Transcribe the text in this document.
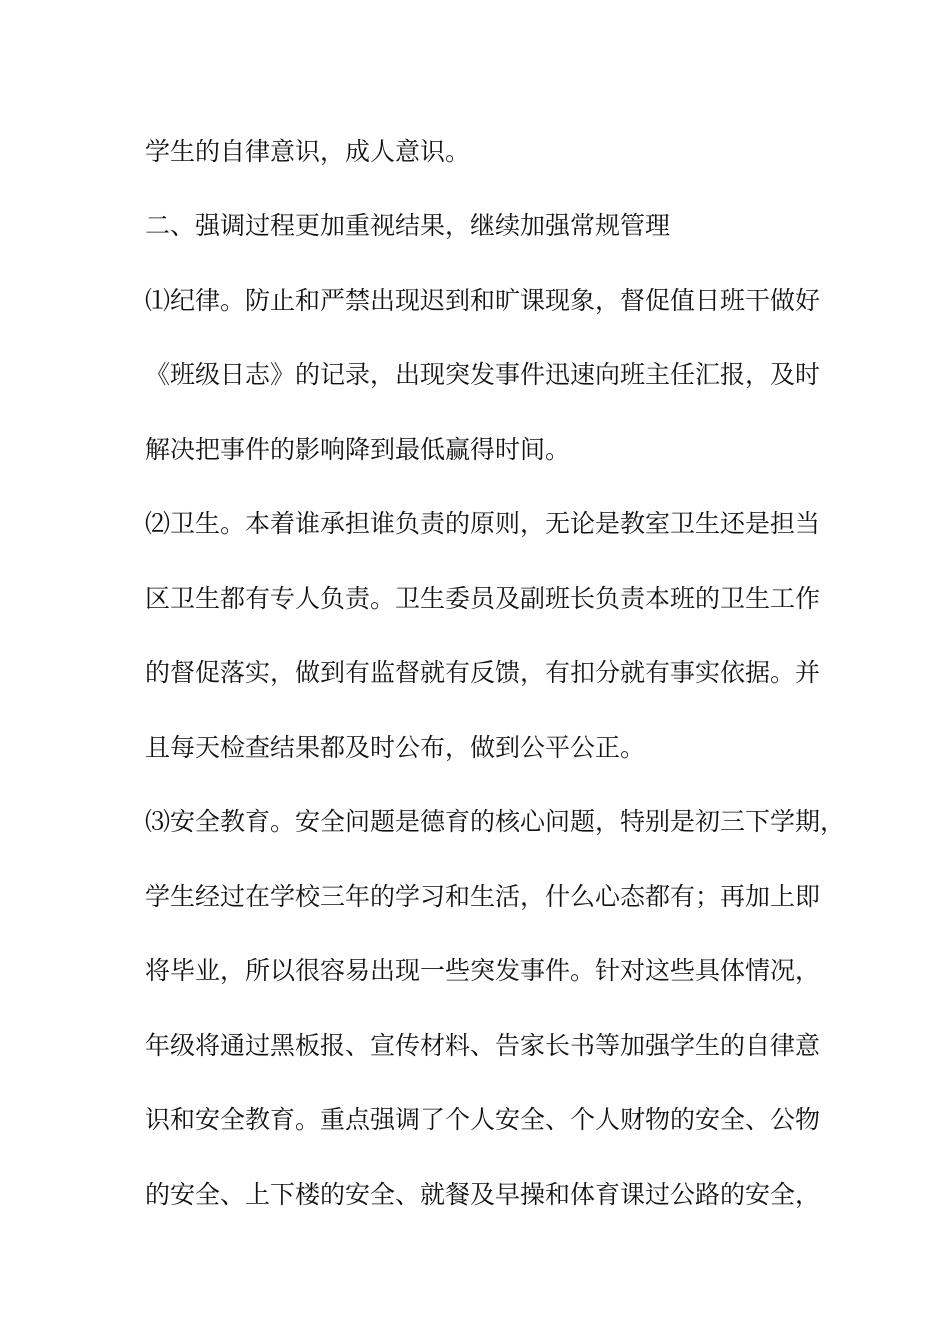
学生的自律意识，成人意识。
二、强调过程更加重视结果，继续加强常规管理
⑴纪律。防止和严禁出现迟到和旷课现象，督促值日班干做好
《班级日志》的记录，出现突发事件迅速向班主任汇报，及时
解决把事件的影响降到最低赢得时间。
⑵卫生。本着谁承担谁负责的原则，无论是教室卫生还是担当
区卫生都有专人负责。卫生委员及副班长负责本班的卫生工作
的督促落实，做到有监督就有反馈，有扣分就有事实依据。并
且每天检查结果都及时公布，做到公平公正。
⑶安全教育。安全问题是德育的核心问题，特别是初三下学期，
学生经过在学校三年的学习和生活，什么心态都有；再加上即
将毕业，所以很容易出现一些突发事件。针对这些具体情况，
年级将通过黑板报、宣传材料、告家长书等加强学生的自律意
识和安全教育。重点强调了个人安全、个人财物的安全、公物
的安全、上下楼的安全、就餐及早操和体育课过公路的安全，
